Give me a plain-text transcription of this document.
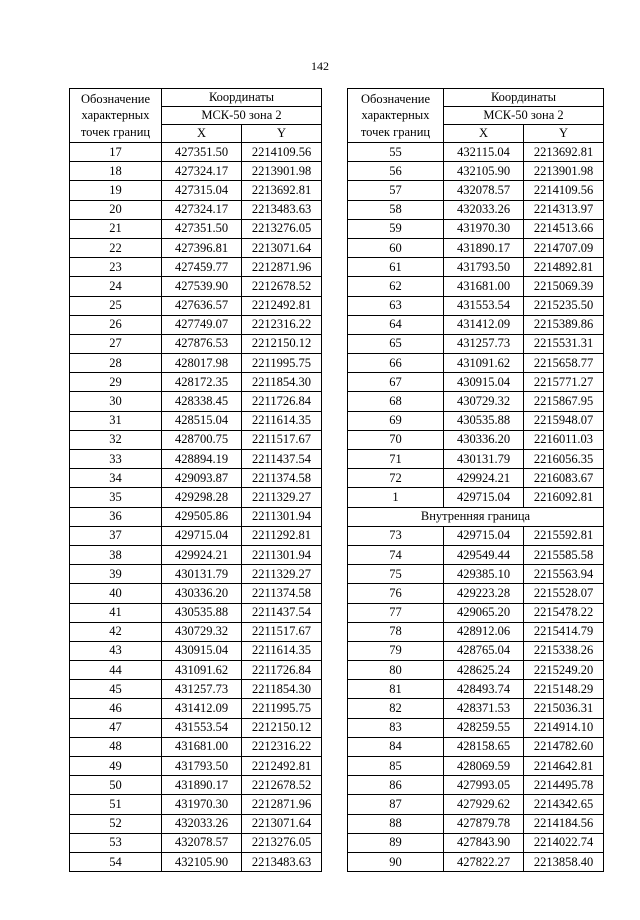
142
Обозначение
характерных
точек границ	Координаты	
	МСК-50 зона 2	
	X	Y
17	427351.50	2214109.56
18	427324.17	2213901.98
19	427315.04	2213692.81
20	427324.17	2213483.63
21	427351.50	2213276.05
22	427396.81	2213071.64
23	427459.77	2212871.96
24	427539.90	2212678.52
25	427636.57	2212492.81
26	427749.07	2212316.22
27	427876.53	2212150.12
28	428017.98	2211995.75
29	428172.35	2211854.30
30	428338.45	2211726.84
31	428515.04	2211614.35
32	428700.75	2211517.67
33	428894.19	2211437.54
34	429093.87	2211374.58
35	429298.28	2211329.27
36	429505.86	2211301.94
37	429715.04	2211292.81
38	429924.21	2211301.94
39	430131.79	2211329.27
40	430336.20	2211374.58
41	430535.88	2211437.54
42	430729.32	2211517.67
43	430915.04	2211614.35
44	431091.62	2211726.84
45	431257.73	2211854.30
46	431412.09	2211995.75
47	431553.54	2212150.12
48	431681.00	2212316.22
49	431793.50	2212492.81
50	431890.17	2212678.52
51	431970.30	2212871.96
52	432033.26	2213071.64
53	432078.57	2213276.05
54	432105.90	2213483.63
Обозначение
характерных
точек границ	Координаты	
	МСК-50 зона 2	
	X	Y
55	432115.04	2213692.81
56	432105.90	2213901.98
57	432078.57	2214109.56
58	432033.26	2214313.97
59	431970.30	2214513.66
60	431890.17	2214707.09
61	431793.50	2214892.81
62	431681.00	2215069.39
63	431553.54	2215235.50
64	431412.09	2215389.86
65	431257.73	2215531.31
66	431091.62	2215658.77
67	430915.04	2215771.27
68	430729.32	2215867.95
69	430535.88	2215948.07
70	430336.20	2216011.03
71	430131.79	2216056.35
72	429924.21	2216083.67
1	429715.04	2216092.81
Внутренняя граница		
73	429715.04	2215592.81
74	429549.44	2215585.58
75	429385.10	2215563.94
76	429223.28	2215528.07
77	429065.20	2215478.22
78	428912.06	2215414.79
79	428765.04	2215338.26
80	428625.24	2215249.20
81	428493.74	2215148.29
82	428371.53	2215036.31
83	428259.55	2214914.10
84	428158.65	2214782.60
85	428069.59	2214642.81
86	427993.05	2214495.78
87	427929.62	2214342.65
88	427879.78	2214184.56
89	427843.90	2214022.74
90	427822.27	2213858.40
